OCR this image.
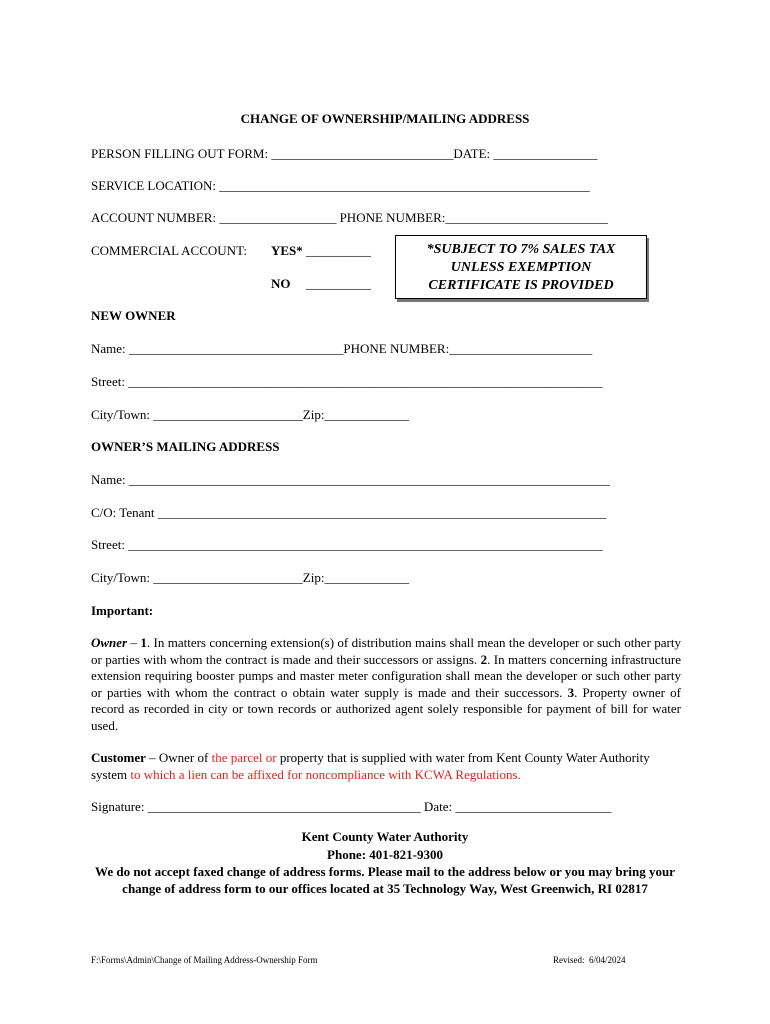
CHANGE OF OWNERSHIP/MAILING ADDRESS
PERSON FILLING OUT FORM: ____________________________DATE: ________________
SERVICE LOCATION: _________________________________________________________
ACCOUNT NUMBER: __________________ PHONE NUMBER:_________________________
COMMERCIAL ACCOUNT: YES* __________
NO __________
*SUBJECT TO 7% SALES TAX
UNLESS EXEMPTION
CERTIFICATE IS PROVIDED
NEW OWNER
Name: _________________________________PHONE NUMBER:______________________
Street: _________________________________________________________________________
City/Town: _______________________Zip:_____________
OWNER’S MAILING ADDRESS
Name: __________________________________________________________________________
C/O: Tenant _____________________________________________________________________
Street: _________________________________________________________________________
City/Town: _______________________Zip:_____________
Important:
Owner – 1. In matters concerning extension(s) of distribution mains shall mean the developer or such other party or parties with whom the contract is made and their successors or assigns. 2. In matters concerning infrastructure extension requiring booster pumps and master meter configuration shall mean the developer or such other party or parties with whom the contract o obtain water supply is made and their successors. 3. Property owner of record as recorded in city or town records or authorized agent solely responsible for payment of bill for water used.
Customer – Owner of the parcel or property that is supplied with water from Kent County Water Authority system to which a lien can be affixed for noncompliance with KCWA Regulations.
Signature: __________________________________________ Date: ________________________
Kent County Water Authority
Phone: 401-821-9300
We do not accept faxed change of address forms. Please mail to the address below or you may bring your
change of address form to our offices located at 35 Technology Way, West Greenwich, RI 02817
F:\Forms\Admin\Change of Mailing Address-Ownership Form	Revised:  6/04/2024
